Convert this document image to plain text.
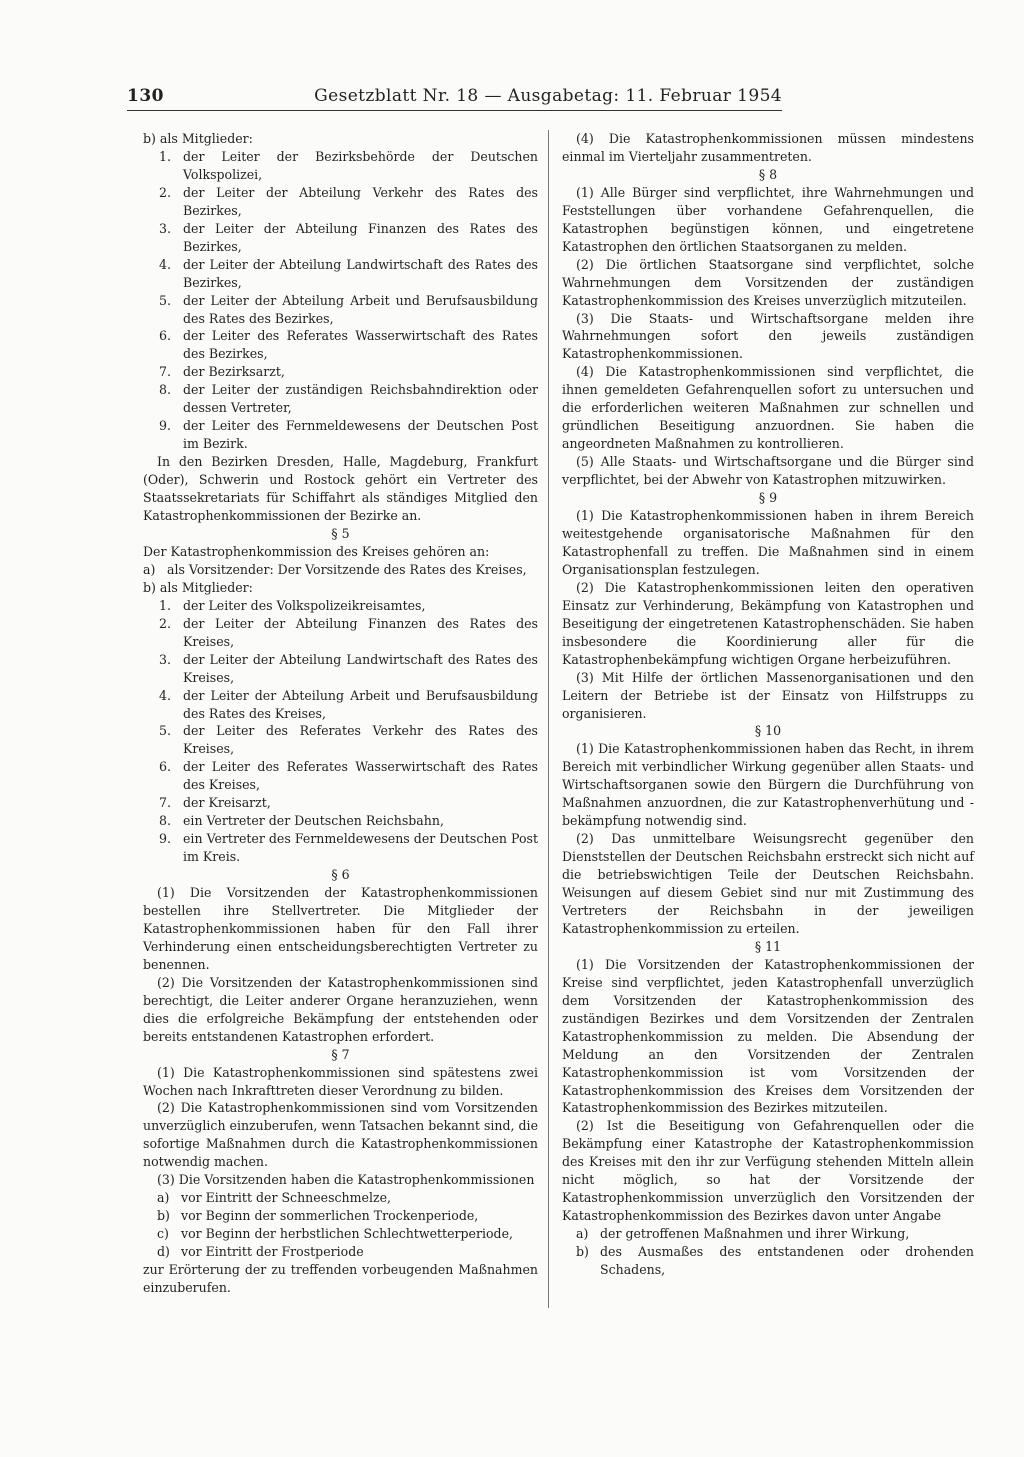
130	Gesetzblatt Nr. 18 — Ausgabetag: 11. Februar 1954

b) als Mitglieder:

1. der Leiter der Bezirksbehörde der Deutschen Volkspolizei,

2. der Leiter der Abteilung Verkehr des Rates des Bezirkes,

3. der Leiter der Abteilung Finanzen des Rates des Bezirkes,

4. der Leiter der Abteilung Landwirtschaft des Rates des Bezirkes,

5. der Leiter der Abteilung Arbeit und Berufsausbildung des Rates des Bezirkes,

6. der Leiter des Referates Wasserwirtschaft des Rates des Bezirkes,

7. der Bezirksarzt,

8. der Leiter der zuständigen Reichsbahndirektion oder dessen Vertreter,

9. der Leiter des Fernmeldewesens der Deutschen Post im Bezirk.

In den Bezirken Dresden, Halle, Magdeburg, Frankfurt (Oder), Schwerin und Rostock gehört ein Vertreter des Staatssekretariats für Schiffahrt als ständiges Mitglied den Katastrophenkommissionen der Bezirke an.

§ 5

Der Katastrophenkommission des Kreises gehören an:

a) als Vorsitzender: Der Vorsitzende des Rates des Kreises,

b) als Mitglieder:

1. der Leiter des Volkspolizeikreisamtes,

2. der Leiter der Abteilung Finanzen des Rates des Kreises,

3. der Leiter der Abteilung Landwirtschaft des Rates des Kreises,

4. der Leiter der Abteilung Arbeit und Berufsausbildung des Rates des Kreises,

5. der Leiter des Referates Verkehr des Rates des Kreises,

6. der Leiter des Referates Wasserwirtschaft des Rates des Kreises,

7. der Kreisarzt,

8. ein Vertreter der Deutschen Reichsbahn,

9. ein Vertreter des Fernmeldewesens der Deutschen Post im Kreis.

§ 6

(1) Die Vorsitzenden der Katastrophenkommissionen bestellen ihre Stellvertreter. Die Mitglieder der Katastrophenkommissionen haben für den Fall ihrer Verhinderung einen entscheidungsberechtigten Vertreter zu benennen.

(2) Die Vorsitzenden der Katastrophenkommissionen sind berechtigt, die Leiter anderer Organe heranzuziehen, wenn dies die erfolgreiche Bekämpfung der entstehenden oder bereits entstandenen Katastrophen erfordert.

§ 7

(1) Die Katastrophenkommissionen sind spätestens zwei Wochen nach Inkrafttreten dieser Verordnung zu bilden.

(2) Die Katastrophenkommissionen sind vom Vorsitzenden unverzüglich einzuberufen, wenn Tatsachen bekannt sind, die sofortige Maßnahmen durch die Katastrophenkommissionen notwendig machen.

(3) Die Vorsitzenden haben die Katastrophenkommissionen

a) vor Eintritt der Schneeschmelze,

b) vor Beginn der sommerlichen Trockenperiode,

c) vor Beginn der herbstlichen Schlechtwetterperiode,

d) vor Eintritt der Frostperiode

zur Erörterung der zu treffenden vorbeugenden Maßnahmen einzuberufen.

(4) Die Katastrophenkommissionen müssen mindestens einmal im Vierteljahr zusammentreten.

§ 8

(1) Alle Bürger sind verpflichtet, ihre Wahrnehmungen und Feststellungen über vorhandene Gefahrenquellen, die Katastrophen begünstigen können, und eingetretene Katastrophen den örtlichen Staatsorganen zu melden.

(2) Die örtlichen Staatsorgane sind verpflichtet, solche Wahrnehmungen dem Vorsitzenden der zuständigen Katastrophenkommission des Kreises unverzüglich mitzuteilen.

(3) Die Staats- und Wirtschaftsorgane melden ihre Wahrnehmungen sofort den jeweils zuständigen Katastrophenkommissionen.

(4) Die Katastrophenkommissionen sind verpflichtet, die ihnen gemeldeten Gefahrenquellen sofort zu untersuchen und die erforderlichen weiteren Maßnahmen zur schnellen und gründlichen Beseitigung anzuordnen. Sie haben die angeordneten Maßnahmen zu kontrollieren.

(5) Alle Staats- und Wirtschaftsorgane und die Bürger sind verpflichtet, bei der Abwehr von Katastrophen mitzuwirken.

§ 9

(1) Die Katastrophenkommissionen haben in ihrem Bereich weitestgehende organisatorische Maßnahmen für den Katastrophenfall zu treffen. Die Maßnahmen sind in einem Organisationsplan festzulegen.

(2) Die Katastrophenkommissionen leiten den operativen Einsatz zur Verhinderung, Bekämpfung von Katastrophen und Beseitigung der eingetretenen Katastrophenschäden. Sie haben insbesondere die Koordinierung aller für die Katastrophenbekämpfung wichtigen Organe herbeizuführen.

(3) Mit Hilfe der örtlichen Massenorganisationen und den Leitern der Betriebe ist der Einsatz von Hilfstrupps zu organisieren.

§ 10

(1) Die Katastrophenkommissionen haben das Recht, in ihrem Bereich mit verbindlicher Wirkung gegenüber allen Staats- und Wirtschaftsorganen sowie den Bürgern die Durchführung von Maßnahmen anzuordnen, die zur Katastrophenverhütung und -bekämpfung notwendig sind.

(2) Das unmittelbare Weisungsrecht gegenüber den Dienststellen der Deutschen Reichsbahn erstreckt sich nicht auf die betriebswichtigen Teile der Deutschen Reichsbahn. Weisungen auf diesem Gebiet sind nur mit Zustimmung des Vertreters der Reichsbahn in der jeweiligen Katastrophenkommission zu erteilen.

§ 11

(1) Die Vorsitzenden der Katastrophenkommissionen der Kreise sind verpflichtet, jeden Katastrophenfall unverzüglich dem Vorsitzenden der Katastrophenkommission des zuständigen Bezirkes und dem Vorsitzenden der Zentralen Katastrophenkommission zu melden. Die Absendung der Meldung an den Vorsitzenden der Zentralen Katastrophenkommission ist vom Vorsitzenden der Katastrophenkommission des Kreises dem Vorsitzenden der Katastrophenkommission des Bezirkes mitzuteilen.

(2) Ist die Beseitigung von Gefahrenquellen oder die Bekämpfung einer Katastrophe der Katastrophenkommission des Kreises mit den ihr zur Verfügung stehenden Mitteln allein nicht möglich, so hat der Vorsitzende der Katastrophenkommission unverzüglich den Vorsitzenden der Katastrophenkommission des Bezirkes davon unter Angabe

a) der getroffenen Maßnahmen und ihrer Wirkung,

b) des Ausmaßes des entstandenen oder drohenden Schadens,
